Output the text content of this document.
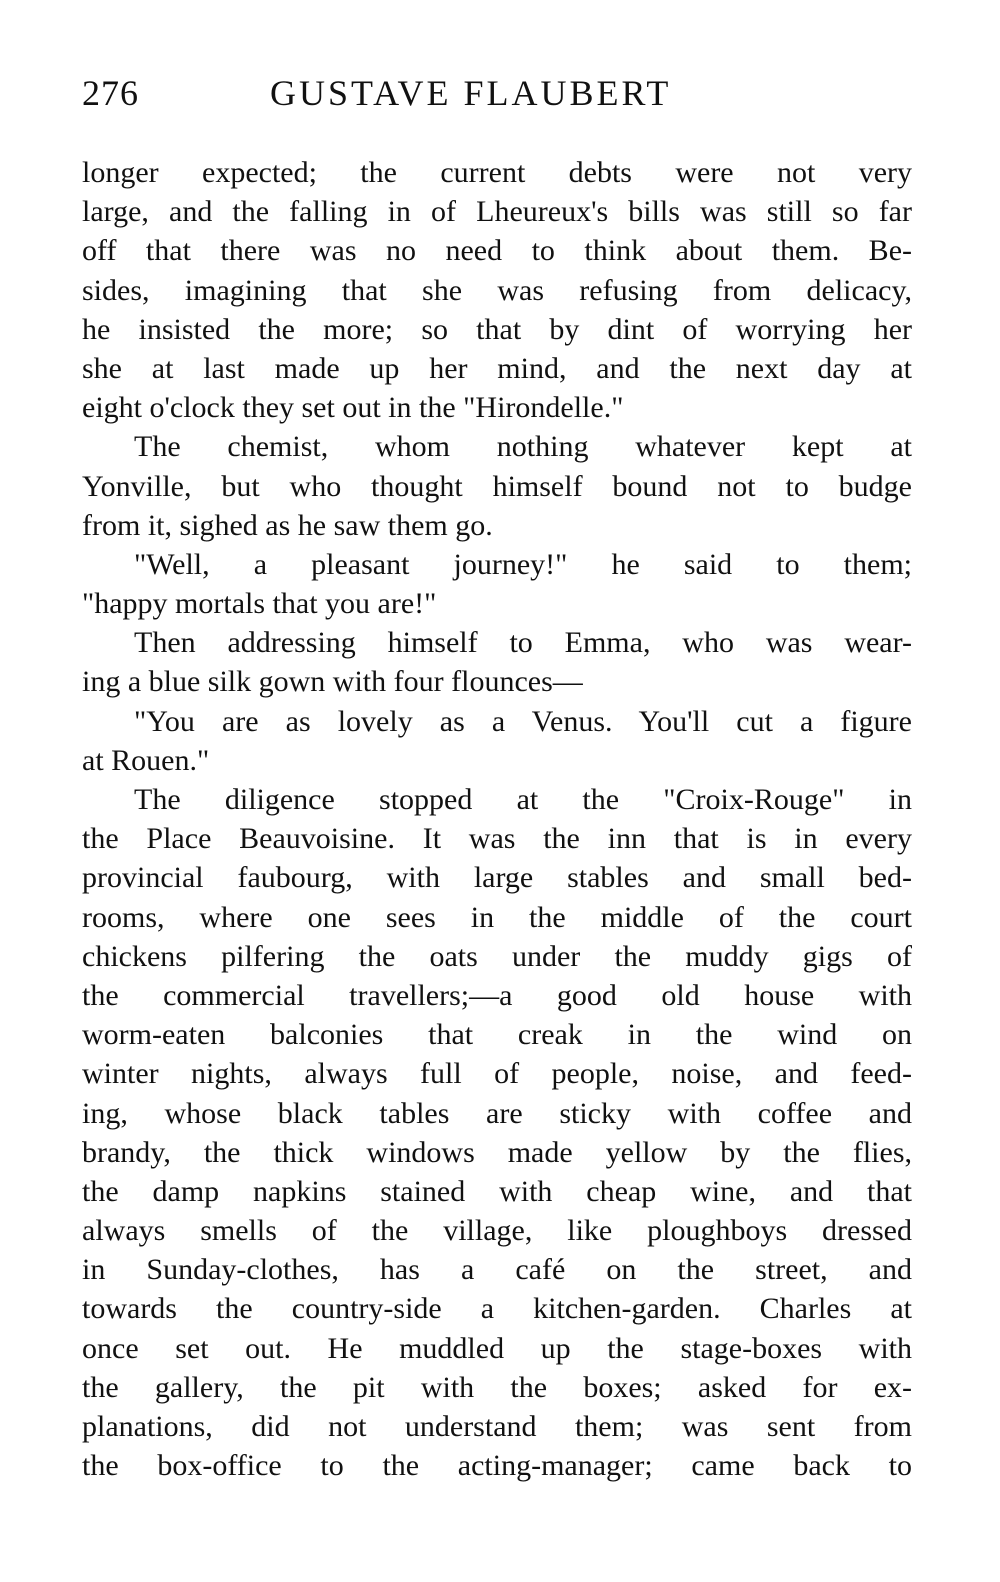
276	GUSTAVE FLAUBERT
longer expected; the current debts were not very
large, and the falling in of Lheureux's bills was still so far
off that there was no need to think about them. Be-
sides, imagining that she was refusing from delicacy,
he insisted the more; so that by dint of worrying her
she at last made up her mind, and the next day at
eight o'clock they set out in the "Hirondelle."
The chemist, whom nothing whatever kept at
Yonville, but who thought himself bound not to budge
from it, sighed as he saw them go.
"Well, a pleasant journey!" he said to them;
"happy mortals that you are!"
Then addressing himself to Emma, who was wear-
ing a blue silk gown with four flounces—
"You are as lovely as a Venus. You'll cut a figure
at Rouen."
The diligence stopped at the "Croix-Rouge" in
the Place Beauvoisine. It was the inn that is in every
provincial faubourg, with large stables and small bed-
rooms, where one sees in the middle of the court
chickens pilfering the oats under the muddy gigs of
the commercial travellers;—a good old house with
worm-eaten balconies that creak in the wind on
winter nights, always full of people, noise, and feed-
ing, whose black tables are sticky with coffee and
brandy, the thick windows made yellow by the flies,
the damp napkins stained with cheap wine, and that
always smells of the village, like ploughboys dressed
in Sunday-clothes, has a café on the street, and
towards the country-side a kitchen-garden. Charles at
once set out. He muddled up the stage-boxes with
the gallery, the pit with the boxes; asked for ex-
planations, did not understand them; was sent from
the box-office to the acting-manager; came back to
